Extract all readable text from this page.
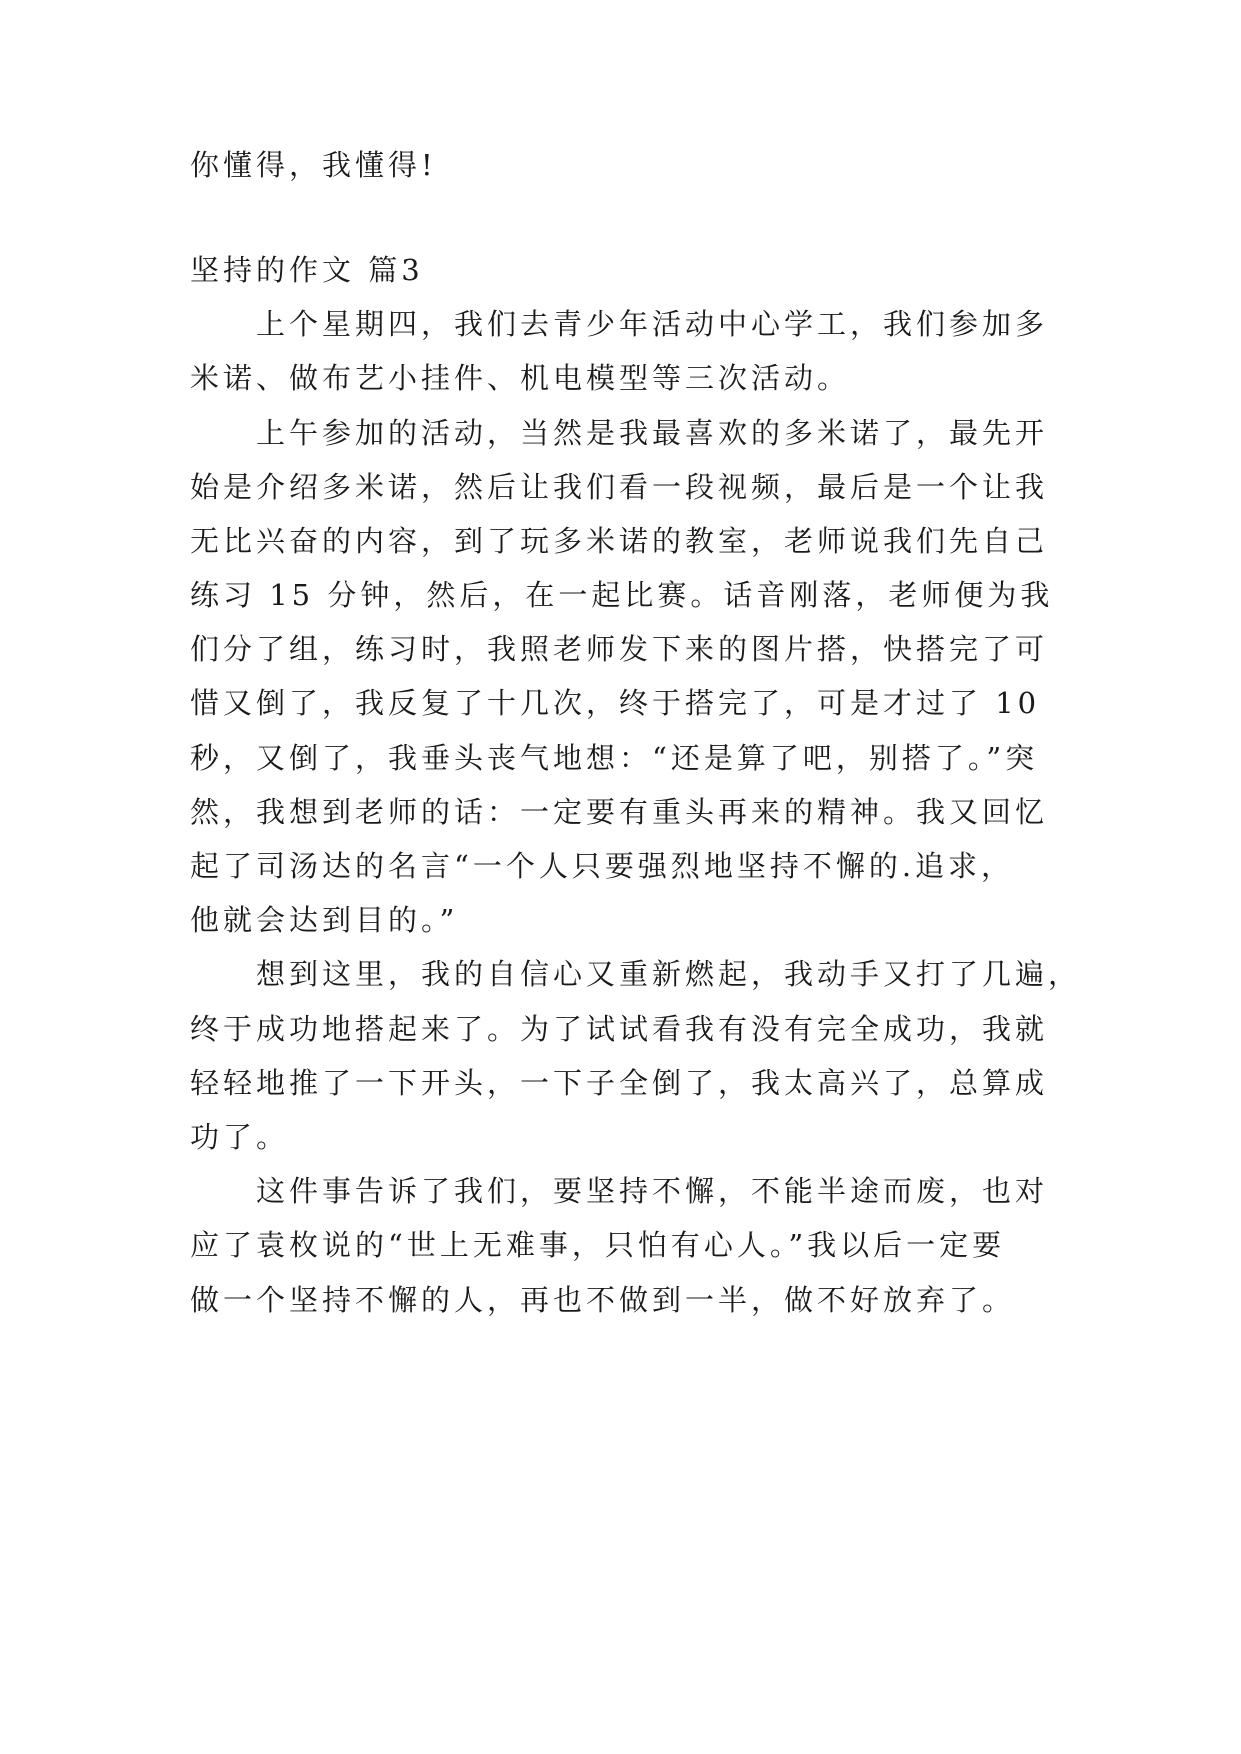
你懂得，我懂得!
坚持的作文 篇3
上个星期四，我们去青少年活动中心学工，我们参加多
米诺、做布艺小挂件、机电模型等三次活动。
上午参加的活动，当然是我最喜欢的多米诺了，最先开
始是介绍多米诺，然后让我们看一段视频，最后是一个让我
无比兴奋的内容，到了玩多米诺的教室，老师说我们先自己
练习 15 分钟，然后，在一起比赛。话音刚落，老师便为我
们分了组，练习时，我照老师发下来的图片搭，快搭完了可
惜又倒了，我反复了十几次，终于搭完了，可是才过了 10
秒，又倒了，我垂头丧气地想：“还是算了吧，别搭了。”突
然，我想到老师的话：一定要有重头再来的精神。我又回忆
起了司汤达的名言“一个人只要强烈地坚持不懈的.追求，
他就会达到目的。”
想到这里，我的自信心又重新燃起，我动手又打了几遍，
终于成功地搭起来了。为了试试看我有没有完全成功，我就
轻轻地推了一下开头，一下子全倒了，我太高兴了，总算成
功了。
这件事告诉了我们，要坚持不懈，不能半途而废，也对
应了袁枚说的“世上无难事，只怕有心人。”我以后一定要
做一个坚持不懈的人，再也不做到一半，做不好放弃了。
